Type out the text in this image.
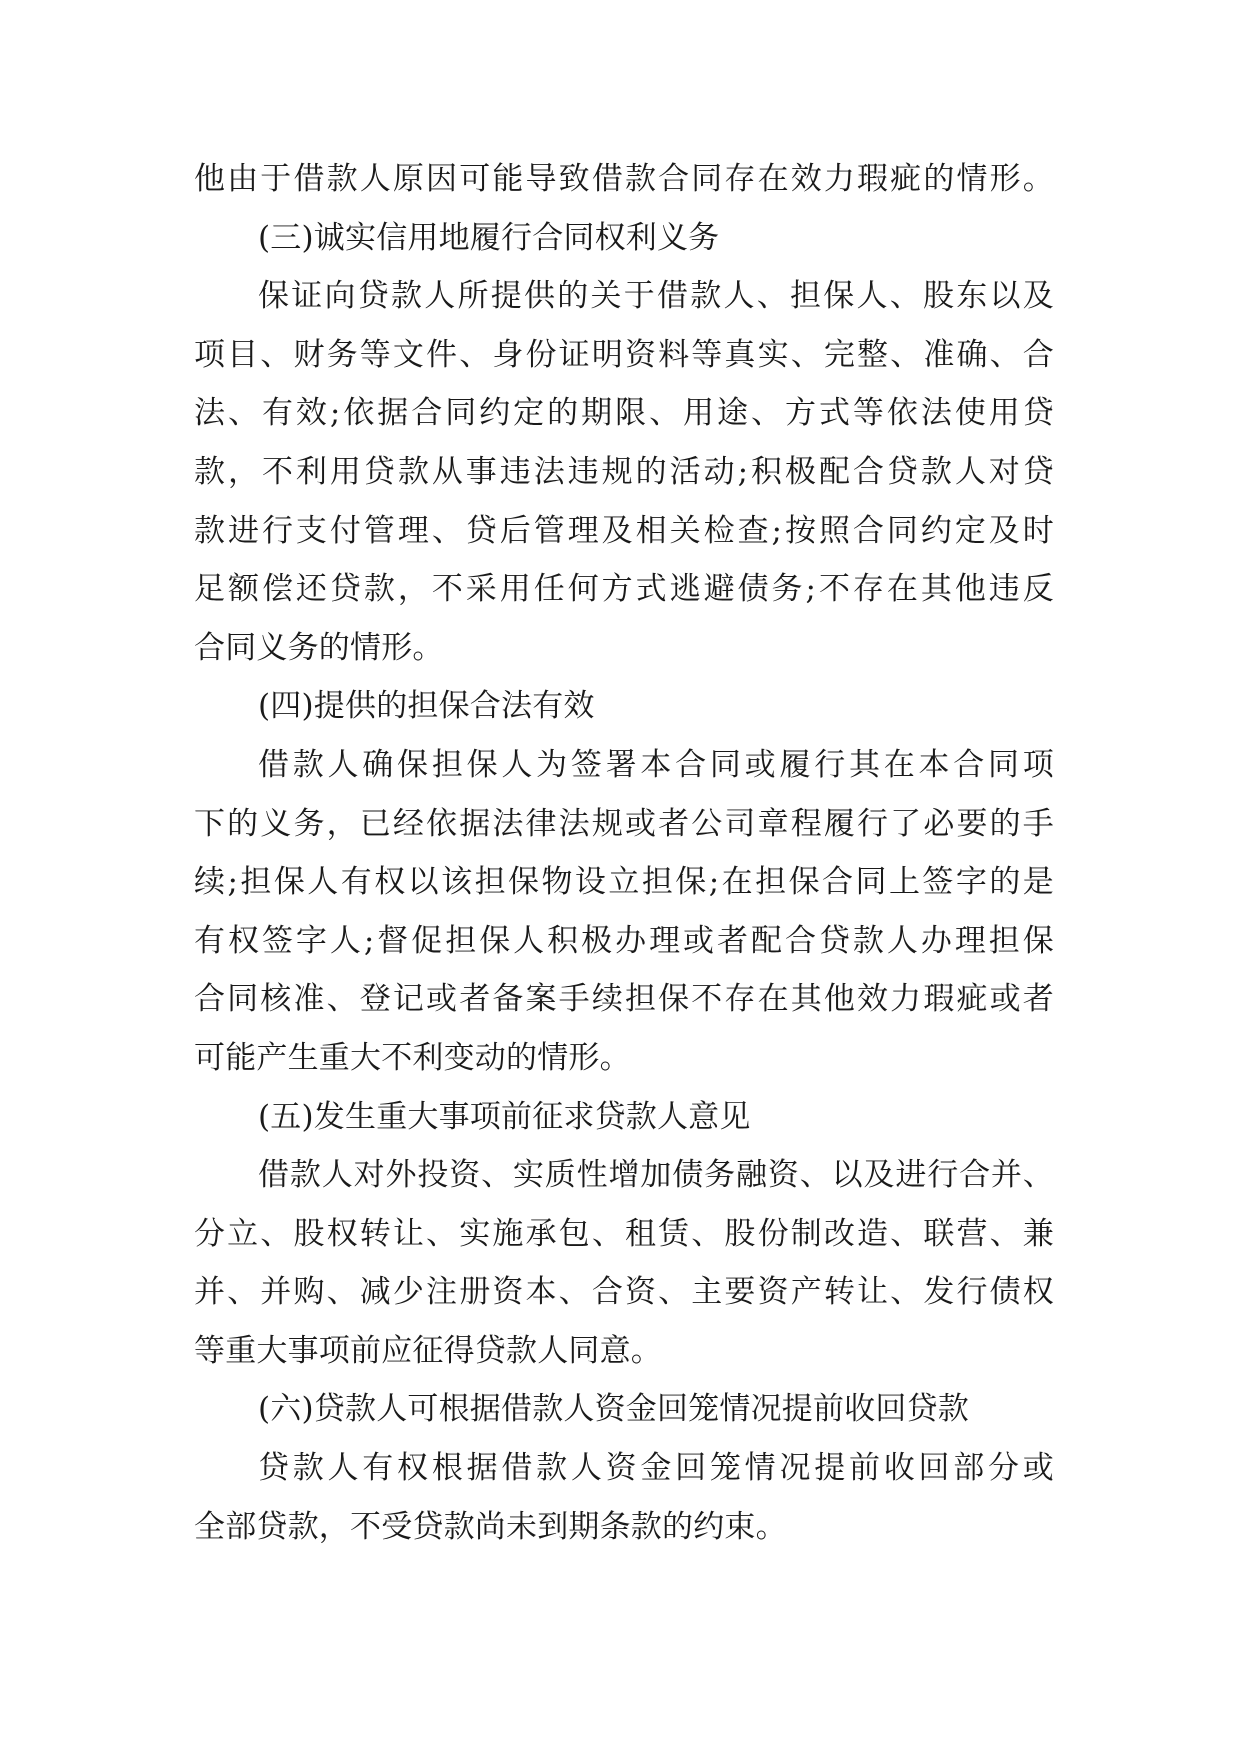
他由于借款人原因可能导致借款合同存在效力瑕疵的情形。
(三)诚实信用地履行合同权利义务
保证向贷款人所提供的关于借款人、担保人、股东以及
项目、财务等文件、身份证明资料等真实、完整、准确、合
法、有效;依据合同约定的期限、用途、方式等依法使用贷
款，不利用贷款从事违法违规的活动;积极配合贷款人对贷
款进行支付管理、贷后管理及相关检查;按照合同约定及时
足额偿还贷款，不采用任何方式逃避债务;不存在其他违反
合同义务的情形。
(四)提供的担保合法有效
借款人确保担保人为签署本合同或履行其在本合同项
下的义务，已经依据法律法规或者公司章程履行了必要的手
续;担保人有权以该担保物设立担保;在担保合同上签字的是
有权签字人;督促担保人积极办理或者配合贷款人办理担保
合同核准、登记或者备案手续担保不存在其他效力瑕疵或者
可能产生重大不利变动的情形。
(五)发生重大事项前征求贷款人意见
借款人对外投资、实质性增加债务融资、以及进行合并、
分立、股权转让、实施承包、租赁、股份制改造、联营、兼
并、并购、减少注册资本、合资、主要资产转让、发行债权
等重大事项前应征得贷款人同意。
(六)贷款人可根据借款人资金回笼情况提前收回贷款
贷款人有权根据借款人资金回笼情况提前收回部分或
全部贷款，不受贷款尚未到期条款的约束。
